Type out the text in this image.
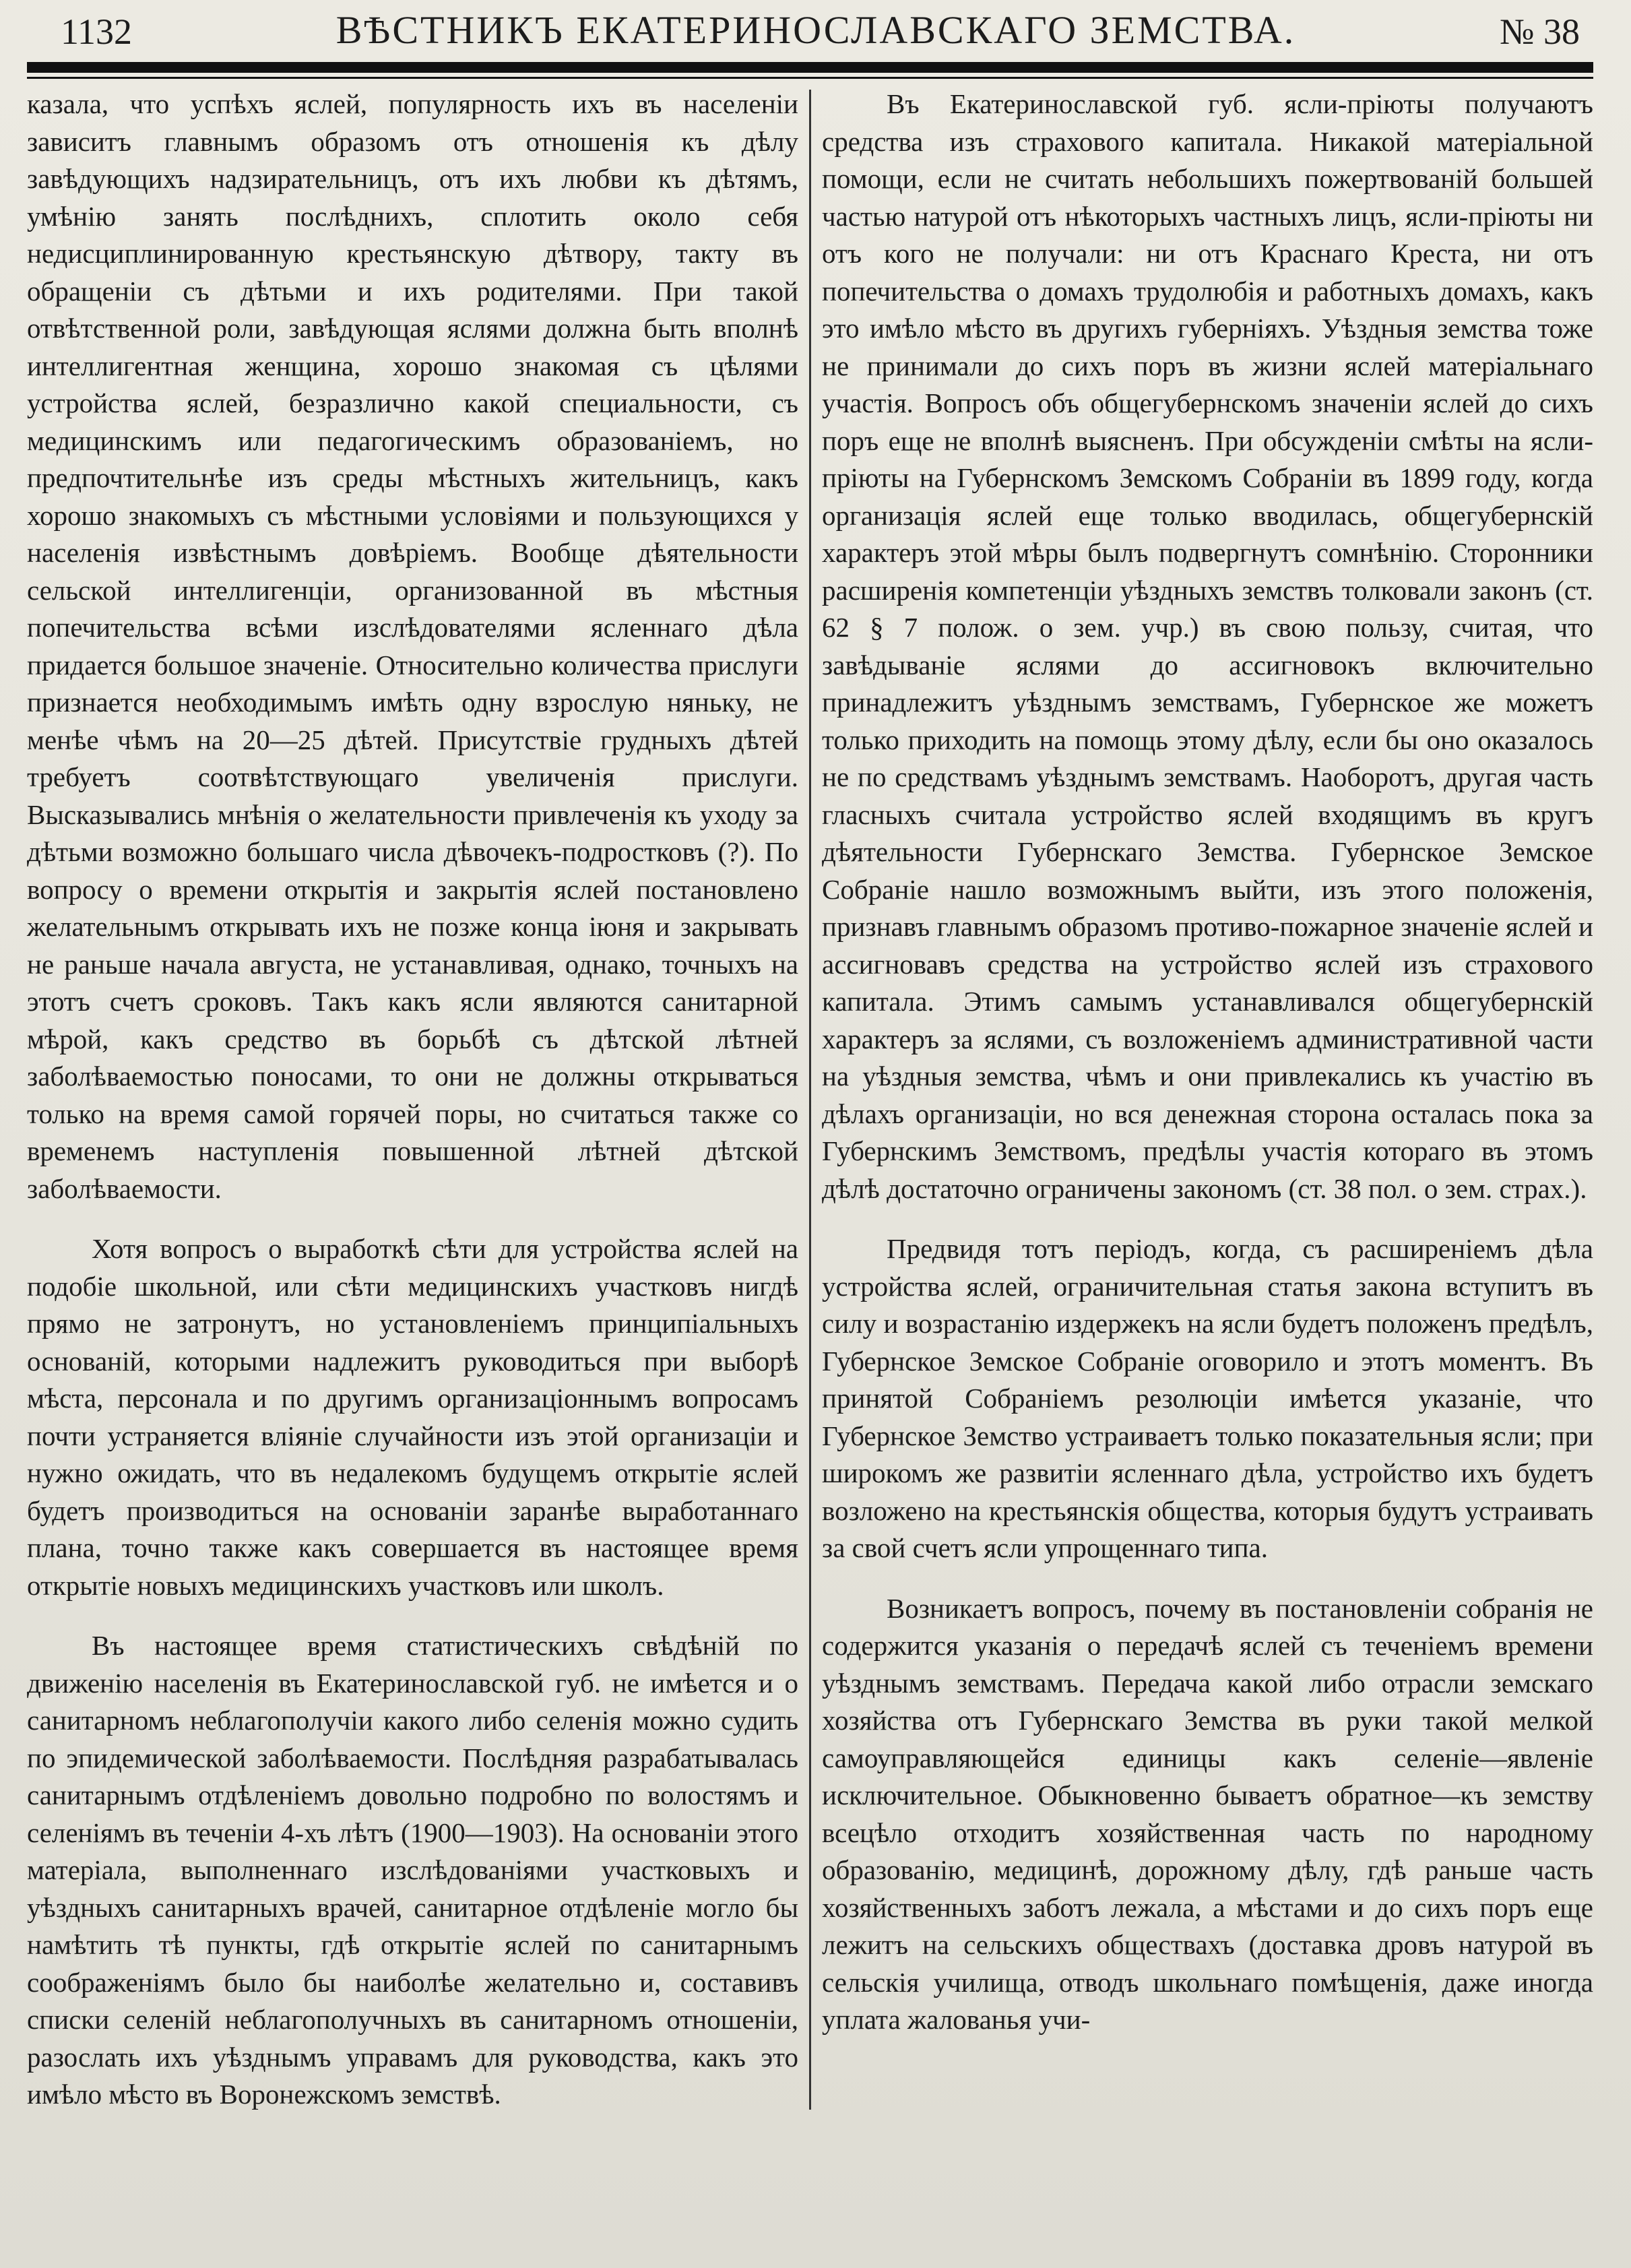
1132	ВѢСТНИКЪ ЕКАТЕРИНОСЛАВСКАГО ЗЕМСТВА.	№ 38

казала, что успѣхъ яслей, популярность ихъ въ населеніи зависитъ главнымъ образомъ отъ отношенія къ дѣлу завѣдующихъ надзирательницъ, отъ ихъ любви къ дѣтямъ, умѣнію занять послѣднихъ, сплотить около себя недисциплинированную крестьянскую дѣтвору, такту въ обращеніи съ дѣтьми и ихъ родителями. При такой отвѣтственной роли, завѣдующая яслями должна быть вполнѣ интеллигентная женщина, хорошо знакомая съ цѣлями устройства яслей, безразлично какой специальности, съ медицинскимъ или педагогическимъ образованіемъ, но предпочтительнѣе изъ среды мѣстныхъ жительницъ, какъ хорошо знакомыхъ съ мѣстными условіями и пользующихся у населенія извѣстнымъ довѣріемъ. Вообще дѣятельности сельской интеллигенціи, организованной въ мѣстныя попечительства всѣми изслѣдователями ясленнаго дѣла придается большое значеніе. Относительно количества прислуги признается необходимымъ имѣть одну взрослую няньку, не менѣе чѣмъ на 20—25 дѣтей. Присутствіе грудныхъ дѣтей требуетъ соотвѣтствующаго увеличенія прислуги. Высказывались мнѣнія о желательности привлеченія къ уходу за дѣтьми возможно большаго числа дѣвочекъ-подростковъ (?). По вопросу о времени открытія и закрытія яслей постановлено желательнымъ открывать ихъ не позже конца іюня и закрывать не раньше начала августа, не устанавливая, однако, точныхъ на этотъ счетъ сроковъ. Такъ какъ ясли являются санитарной мѣрой, какъ средство въ борьбѣ съ дѣтской лѣтней заболѣваемостью поносами, то они не должны открываться только на время самой горячей поры, но считаться также со временемъ наступленія повышенной лѣтней дѣтской заболѣваемости.

Хотя вопросъ о выработкѣ сѣти для устройства яслей на подобіе школьной, или сѣти медицинскихъ участковъ нигдѣ прямо не затронутъ, но установленіемъ принципіальныхъ основаній, которыми надлежитъ руководиться при выборѣ мѣста, персонала и по другимъ организаціоннымъ вопросамъ почти устраняется вліяніе случайности изъ этой организаціи и нужно ожидать, что въ недалекомъ будущемъ открытіе яслей будетъ производиться на основаніи заранѣе выработаннаго плана, точно также какъ совершается въ настоящее время открытіе новыхъ медицинскихъ участковъ или школъ.

Въ настоящее время статистическихъ свѣдѣній по движенію населенія въ Екатеринославской губ. не имѣется и о санитарномъ неблагополучіи какого либо селенія можно судить по эпидемической заболѣваемости. Послѣдняя разрабатывалась санитарнымъ отдѣленіемъ довольно подробно по волостямъ и селеніямъ въ теченіи 4-хъ лѣтъ (1900—1903). На основаніи этого матеріала, выполненнаго изслѣдованіями участковыхъ и уѣздныхъ санитарныхъ врачей, санитарное отдѣленіе могло бы намѣтить тѣ пункты, гдѣ открытіе яслей по санитарнымъ соображеніямъ было бы наиболѣе желательно и, составивъ списки селеній неблагополучныхъ въ санитарномъ отношеніи, разослать ихъ уѣзднымъ управамъ для руководства, какъ это имѣло мѣсто въ Воронежскомъ земствѣ.

Въ Екатеринославской губ. ясли-пріюты получаютъ средства изъ страхового капитала. Никакой матеріальной помощи, если не считать небольшихъ пожертвованій большей частью натурой отъ нѣкоторыхъ частныхъ лицъ, ясли-пріюты ни отъ кого не получали: ни отъ Краснаго Креста, ни отъ попечительства о домахъ трудолюбія и работныхъ домахъ, какъ это имѣло мѣсто въ другихъ губерніяхъ. Уѣздныя земства тоже не принимали до сихъ поръ въ жизни яслей матеріальнаго участія. Вопросъ объ общегубернскомъ значеніи яслей до сихъ поръ еще не вполнѣ выясненъ. При обсужденіи смѣты на ясли-пріюты на Губернскомъ Земскомъ Собраніи въ 1899 году, когда организація яслей еще только вводилась, общегубернскій характеръ этой мѣры былъ подвергнутъ сомнѣнію. Сторонники расширенія компетенціи уѣздныхъ земствъ толковали законъ (ст. 62 § 7 полож. о зем. учр.) въ свою пользу, считая, что завѣдываніе яслями до ассигновокъ включительно принадлежитъ уѣзднымъ земствамъ, Губернское же можетъ только приходить на помощь этому дѣлу, если бы оно оказалось не по средствамъ уѣзднымъ земствамъ. Наоборотъ, другая часть гласныхъ считала устройство яслей входящимъ въ кругъ дѣятельности Губернскаго Земства. Губернское Земское Собраніе нашло возможнымъ выйти, изъ этого положенія, признавъ главнымъ образомъ противо-пожарное значеніе яслей и ассигновавъ средства на устройство яслей изъ страхового капитала. Этимъ самымъ устанавливался общегубернскій характеръ за яслями, съ возложеніемъ административной части на уѣздныя земства, чѣмъ и они привлекались къ участію въ дѣлахъ организаціи, но вся денежная сторона осталась пока за Губернскимъ Земствомъ, предѣлы участія котораго въ этомъ дѣлѣ достаточно ограничены закономъ (ст. 38 пол. о зем. страх.).

Предвидя тотъ періодъ, когда, съ расширеніемъ дѣла устройства яслей, ограничительная статья закона вступитъ въ силу и возрастанію издержекъ на ясли будетъ положенъ предѣлъ, Губернское Земское Собраніе оговорило и этотъ моментъ. Въ принятой Собраніемъ резолюціи имѣется указаніе, что Губернское Земство устраиваетъ только показательныя ясли; при широкомъ же развитіи ясленнаго дѣла, устройство ихъ будетъ возложено на крестьянскія общества, которыя будутъ устраивать за свой счетъ ясли упрощеннаго типа.

Возникаетъ вопросъ, почему въ постановленіи собранія не содержится указанія о передачѣ яслей съ теченіемъ времени уѣзднымъ земствамъ. Передача какой либо отрасли земскаго хозяйства отъ Губернскаго Земства въ руки такой мелкой самоуправляющейся единицы какъ селеніе—явленіе исключительное. Обыкновенно бываетъ обратное—къ земству всецѣло отходитъ хозяйственная часть по народному образованію, медицинѣ, дорожному дѣлу, гдѣ раньше часть хозяйственныхъ заботъ лежала, а мѣстами и до сихъ поръ еще лежитъ на сельскихъ обществахъ (доставка дровъ натурой въ сельскія училища, отводъ школьнаго помѣщенія, даже иногда уплата жалованья учи-
